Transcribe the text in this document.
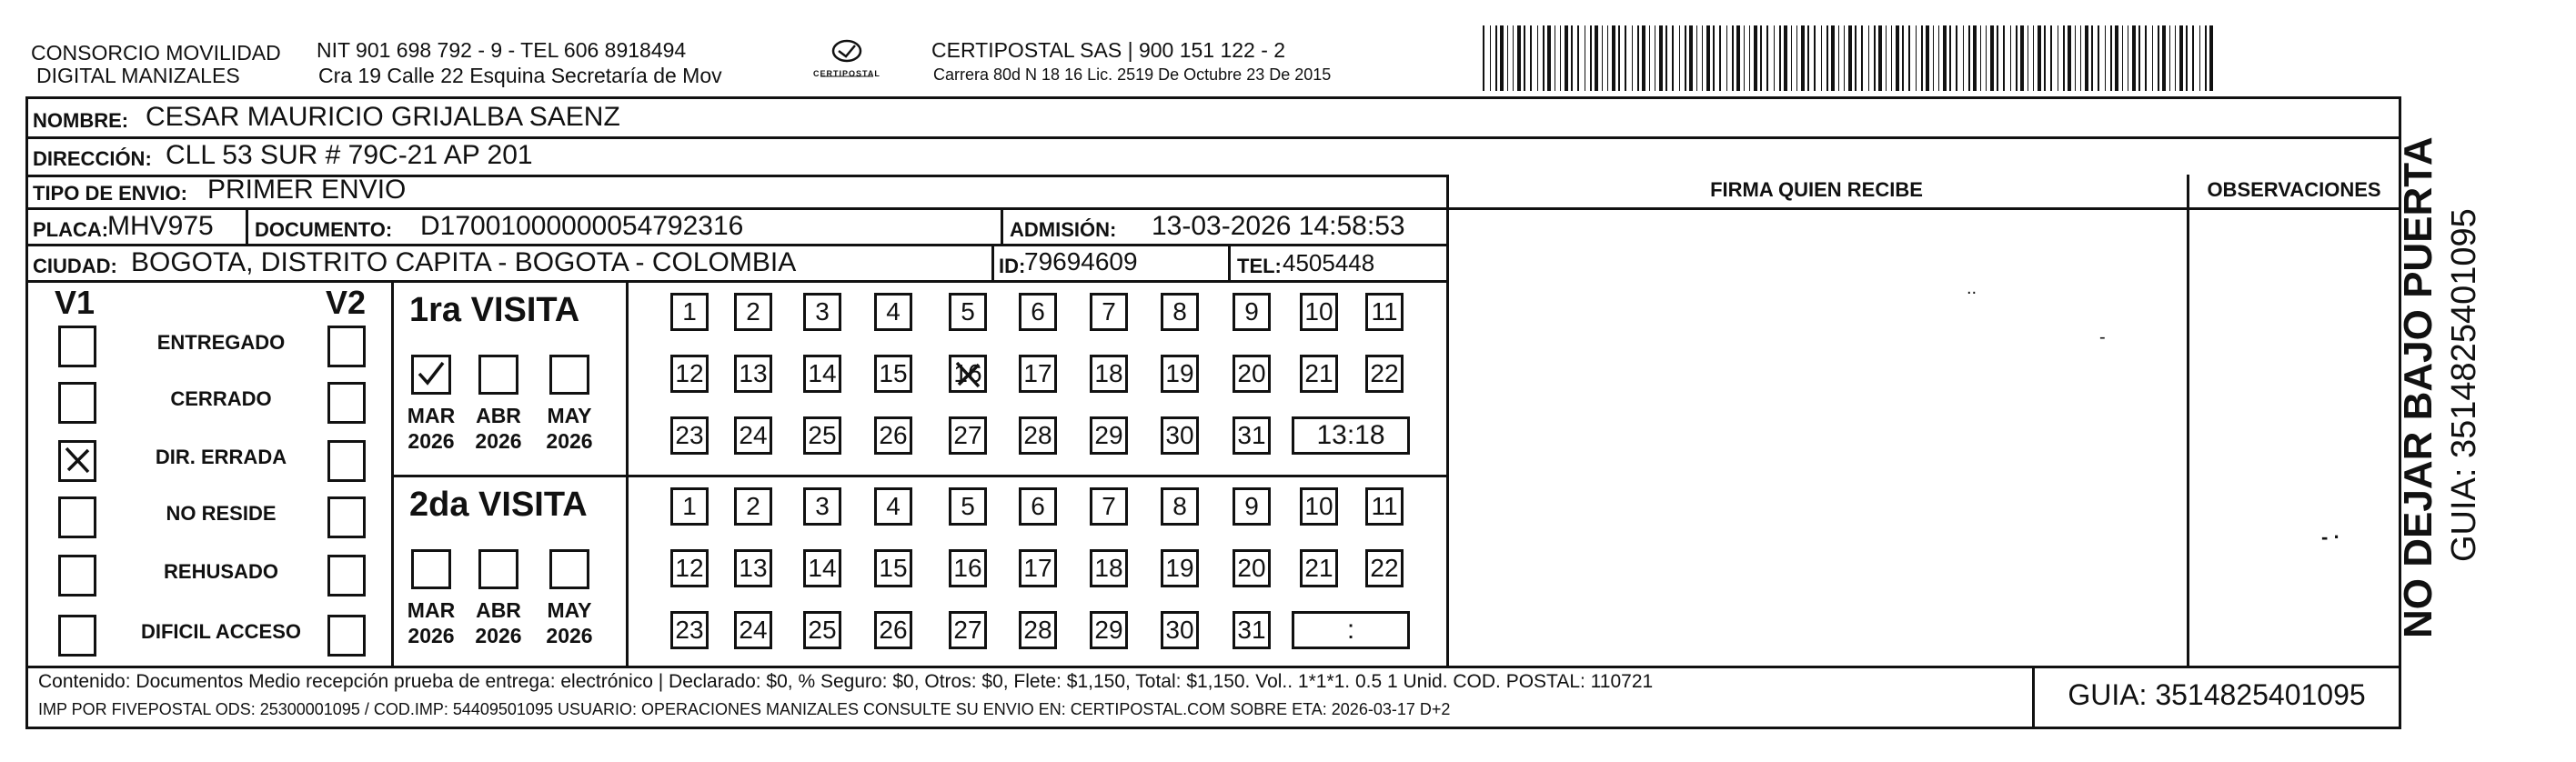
CONSORCIO MOVILIDAD
DIGITAL MANIZALES
NIT 901 698 792 - 9 - TEL 606 8918494
Cra 19 Calle 22 Esquina Secretaría de Mov	CERTIPOSTAL
CERTIPOSTAL SAS | 900 151 122 - 2
Carrera 80d N 18 16 Lic. 2519 De Octubre 23 De 2015
NOMBRE: CESAR MAURICIO GRIJALBA SAENZ
DIRECCIÓN: CLL 53 SUR # 79C-21 AP 201
TIPO DE ENVIO: PRIMER ENVIO
PLACA:
MHV975 DOCUMENTO: D17001000000054792316	ADMISIÓN: 13-03-2026 14:58:53
CIUDAD: BOGOTA, DISTRITO CAPITA - BOGOTA - COLOMBIA	ID:
79694609	TEL: 4505448
FIRMA QUIEN RECIBE	OBSERVACIONES
..
-
- ·
V1	V2
ENTREGADO
CERRADO
DIR. ERRADA
NO RESIDE
REHUSADO
DIFICIL ACCESO
1ra VISITA
MAR
2026
ABR
2026
MAY
2026
1	2	3	4	5	6	7	8	9	10 11
12 13 14 15 16 17 18 19 20 21 22
23 24 25 26 27 28 29 30 31	13:18
2da VISITA
MAR
2026
ABR
2026
MAY
2026
1	2	3	4	5	6	7	8	9	10 11
12 13 14 15 16 17 18 19 20 21 22
23 24 25 26 27 28 29 30 31	:
Contenido: Documentos Medio recepción prueba de entrega: electrónico | Declarado: $0, % Seguro: $0, Otros: $0, Flete: $1,150, Total: $1,150. Vol.. 1*1*1. 0.5 1 Unid. COD. POSTAL: 110721
IMP POR FIVEPOSTAL ODS: 25300001095 / COD.IMP: 54409501095 USUARIO: OPERACIONES MANIZALES CONSULTE SU ENVIO EN: CERTIPOSTAL.COM SOBRE ETA: 2026-03-17 D+2	GUIA: 3514825401095
NO DEJAR BAJO PUERTA GUIA: 3514825401095
